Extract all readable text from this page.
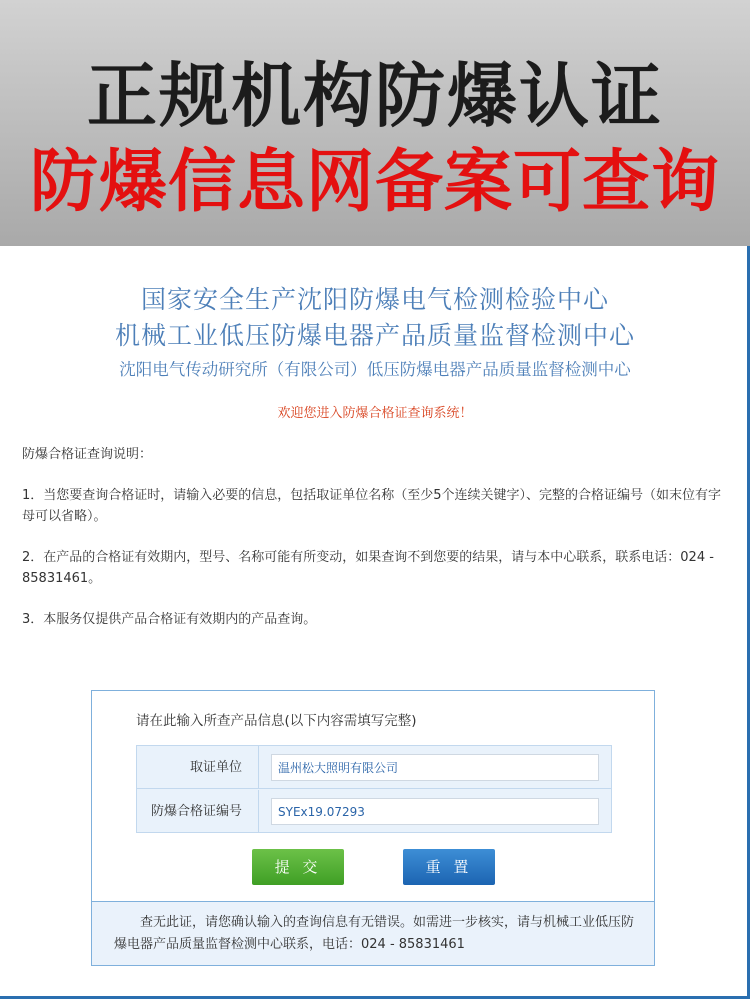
正规机构防爆认证
防爆信息网备案可查询
国家安全生产沈阳防爆电气检测检验中心
机械工业低压防爆电器产品质量监督检测中心
沈阳电气传动研究所（有限公司）低压防爆电器产品质量监督检测中心
欢迎您进入防爆合格证查询系统！
防爆合格证查询说明：
1．当您要查询合格证时，请输入必要的信息，包括取证单位名称（至少5个连续关键字）、完整的合格证编号（如末位有字母可以省略）。
2．在产品的合格证有效期内，型号、名称可能有所变动，如果查询不到您要的结果，请与本中心联系，联系电话：024 - 85831461。
3．本服务仅提供产品合格证有效期内的产品查询。
请在此输入所查产品信息(以下内容需填写完整)
取证单位
温州松大照明有限公司
防爆合格证编号
SYEx19.07293
提 交	重 置
查无此证，请您确认输入的查询信息有无错误。如需进一步核实，请与机械工业低压防爆电器产品质量监督检测中心联系，电话：024 - 85831461
